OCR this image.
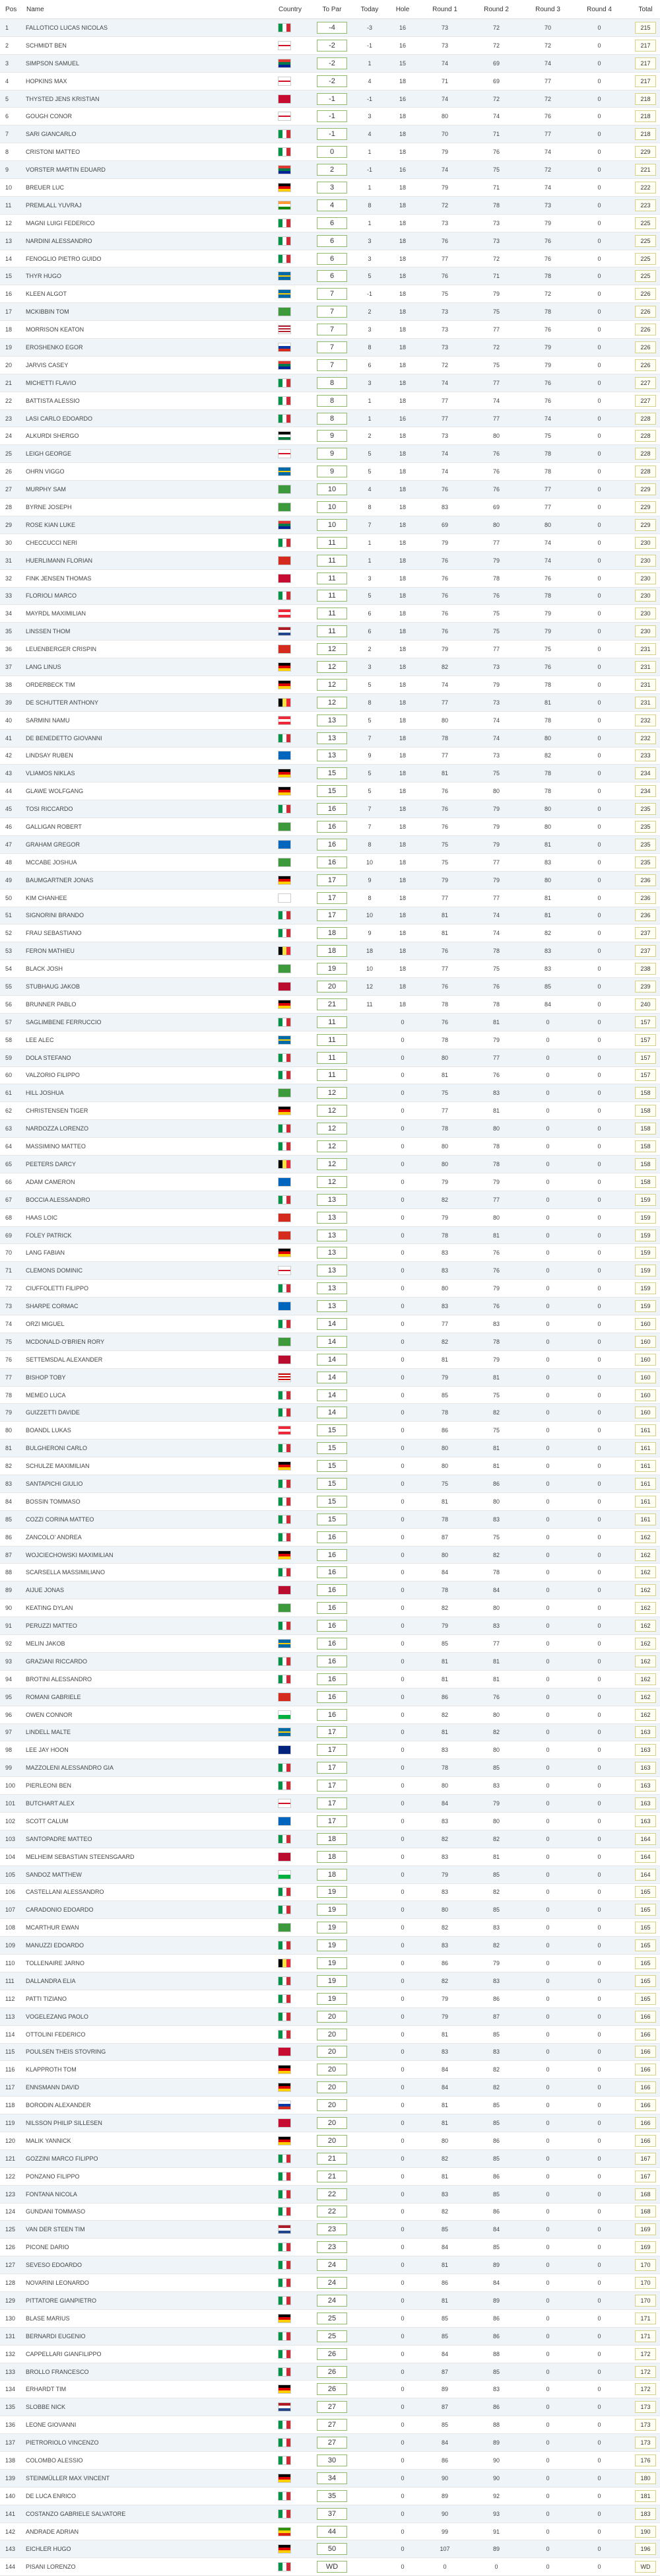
Pos	Name	Country	To Par	Today	Hole	Round 1	Round 2	Round 3	Round 4	Total
1	FALLOTICO LUCAS NICOLAS		-4	-3	16	73	72	70	0	215
2	SCHMIDT BEN		-2	-1	16	73	72	72	0	217
3	SIMPSON SAMUEL		-2	1	15	74	69	74	0	217
4	HOPKINS MAX		-2	4	18	71	69	77	0	217
5	THYSTED JENS KRISTIAN		-1	-1	16	74	72	72	0	218
6	GOUGH CONOR		-1	3	18	80	74	76	0	218
7	SARI GIANCARLO		-1	4	18	70	71	77	0	218
8	CRISTONI MATTEO		0	1	18	79	76	74	0	229
9	VORSTER MARTIN EDUARD		2	-1	16	74	75	72	0	221
10	BREUER LUC		3	1	18	79	71	74	0	222
11	PREMLALL YUVRAJ		4	8	18	72	78	73	0	223
12	MAGNI LUIGI FEDERICO		6	1	18	73	73	79	0	225
13	NARDINI ALESSANDRO		6	3	18	76	73	76	0	225
14	FENOGLIO PIETRO GUIDO		6	3	18	77	72	76	0	225
15	THYR HUGO		6	5	18	76	71	78	0	225
16	KLEEN ALGOT		7	-1	18	75	79	72	0	226
17	MCKIBBIN TOM		7	2	18	73	75	78	0	226
18	MORRISON KEATON		7	3	18	73	77	76	0	226
19	EROSHENKO EGOR		7	8	18	73	72	79	0	226
20	JARVIS CASEY		7	6	18	72	75	79	0	226
21	MICHETTI FLAVIO		8	3	18	74	77	76	0	227
22	BATTISTA ALESSIO		8	1	18	77	74	76	0	227
23	LASI CARLO EDOARDO		8	1	16	77	77	74	0	228
24	ALKURDI SHERGO		9	2	18	73	80	75	0	228
25	LEIGH GEORGE		9	5	18	74	76	78	0	228
26	OHRN VIGGO		9	5	18	74	76	78	0	228
27	MURPHY SAM		10	4	18	76	76	77	0	229
28	BYRNE JOSEPH		10	8	18	83	69	77	0	229
29	ROSE KIAN LUKE		10	7	18	69	80	80	0	229
30	CHECCUCCI NERI		11	1	18	79	77	74	0	230
31	HUERLIMANN FLORIAN		11	1	18	76	79	74	0	230
32	FINK JENSEN THOMAS		11	3	18	76	78	76	0	230
33	FLORIOLI MARCO		11	5	18	76	76	78	0	230
34	MAYRDL MAXIMILIAN		11	6	18	76	75	79	0	230
35	LINSSEN THOM		11	6	18	76	75	79	0	230
36	LEUENBERGER CRISPIN		12	2	18	79	77	75	0	231
37	LANG LINUS		12	3	18	82	73	76	0	231
38	ORDERBECK TIM		12	5	18	74	79	78	0	231
39	DE SCHUTTER ANTHONY		12	8	18	77	73	81	0	231
40	SARMINI NAMU		13	5	18	80	74	78	0	232
41	DE BENEDETTO GIOVANNI		13	7	18	78	74	80	0	232
42	LINDSAY RUBEN		13	9	18	77	73	82	0	233
43	VLIAMOS NIKLAS		15	5	18	81	75	78	0	234
44	GLAWE WOLFGANG		15	5	18	76	80	78	0	234
45	TOSI RICCARDO		16	7	18	76	79	80	0	235
46	GALLIGAN ROBERT		16	7	18	76	79	80	0	235
47	GRAHAM GREGOR		16	8	18	75	79	81	0	235
48	MCCABE JOSHUA		16	10	18	75	77	83	0	235
49	BAUMGARTNER JONAS		17	9	18	79	79	80	0	236
50	KIM CHANHEE		17	8	18	77	77	81	0	236
51	SIGNORINI BRANDO		17	10	18	81	74	81	0	236
52	FRAU SEBASTIANO		18	9	18	81	74	82	0	237
53	FERON MATHIEU		18	18	18	76	78	83	0	237
54	BLACK JOSH		19	10	18	77	75	83	0	238
55	STUBHAUG JAKOB		20	12	18	76	76	85	0	239
56	BRUNNER PABLO		21	11	18	78	78	84	0	240
57	SAGLIMBENE FERRUCCIO		11		0	76	81	0	0	157
58	LEE ALEC		11		0	78	79	0	0	157
59	DOLA STEFANO		11		0	80	77	0	0	157
60	VALZORIO FILIPPO		11		0	81	76	0	0	157
61	HILL JOSHUA		12		0	75	83	0	0	158
62	CHRISTENSEN TIGER		12		0	77	81	0	0	158
63	NARDOZZA LORENZO		12		0	78	80	0	0	158
64	MASSIMINO MATTEO		12		0	80	78	0	0	158
65	PEETERS DARCY		12		0	80	78	0	0	158
66	ADAM CAMERON		12		0	79	79	0	0	158
67	BOCCIA ALESSANDRO		13		0	82	77	0	0	159
68	HAAS LOIC		13		0	79	80	0	0	159
69	FOLEY PATRICK		13		0	78	81	0	0	159
70	LANG FABIAN		13		0	83	76	0	0	159
71	CLEMONS DOMINIC		13		0	83	76	0	0	159
72	CIUFFOLETTI FILIPPO		13		0	80	79	0	0	159
73	SHARPE CORMAC		13		0	83	76	0	0	159
74	ORZI MIGUEL		14		0	77	83	0	0	160
75	MCDONALD-O'BRIEN RORY		14		0	82	78	0	0	160
76	SETTEMSDAL ALEXANDER		14		0	81	79	0	0	160
77	BISHOP TOBY		14		0	79	81	0	0	160
78	MEMEO LUCA		14		0	85	75	0	0	160
79	GUIZZETTI DAVIDE		14		0	78	82	0	0	160
80	BOANDL LUKAS		15		0	86	75	0	0	161
81	BULGHERONI CARLO		15		0	80	81	0	0	161
82	SCHULZE MAXIMILIAN		15		0	80	81	0	0	161
83	SANTAPICHI GIULIO		15		0	75	86	0	0	161
84	BOSSIN TOMMASO		15		0	81	80	0	0	161
85	COZZI CORINA MATTEO		15		0	78	83	0	0	161
86	ZANCOLO' ANDREA		16		0	87	75	0	0	162
87	WOJCIECHOWSKI MAXIMILIAN		16		0	80	82	0	0	162
88	SCARSELLA MASSIMILIANO		16		0	84	78	0	0	162
89	AIJUE JONAS		16		0	78	84	0	0	162
90	KEATING DYLAN		16		0	82	80	0	0	162
91	PERUZZI MATTEO		16		0	79	83	0	0	162
92	MELIN JAKOB		16		0	85	77	0	0	162
93	GRAZIANI RICCARDO		16		0	81	81	0	0	162
94	BROTINI ALESSANDRO		16		0	81	81	0	0	162
95	ROMANI GABRIELE		16		0	86	76	0	0	162
96	OWEN CONNOR		16		0	82	80	0	0	162
97	LINDELL MALTE		17		0	81	82	0	0	163
98	LEE JAY HOON		17		0	83	80	0	0	163
99	MAZZOLENI ALESSANDRO GIA		17		0	78	85	0	0	163
100	PIERLEONI BEN		17		0	80	83	0	0	163
101	BUTCHART ALEX		17		0	84	79	0	0	163
102	SCOTT CALUM		17		0	83	80	0	0	163
103	SANTOPADRE MATTEO		18		0	82	82	0	0	164
104	MELHEIM SEBASTIAN STEENSGAARD		18		0	83	81	0	0	164
105	SANDOZ MATTHEW		18		0	79	85	0	0	164
106	CASTELLANI ALESSANDRO		19		0	83	82	0	0	165
107	CARADONIO EDOARDO		19		0	80	85	0	0	165
108	MCARTHUR EWAN		19		0	82	83	0	0	165
109	MANUZZI EDOARDO		19		0	83	82	0	0	165
110	TOLLENAIRE JARNO		19		0	86	79	0	0	165
111	DALLANDRA ELIA		19		0	82	83	0	0	165
112	PATTI TIZIANO		19		0	79	86	0	0	165
113	VOGELEZANG PAOLO		20		0	79	87	0	0	166
114	OTTOLINI FEDERICO		20		0	81	85	0	0	166
115	POULSEN THEIS STOVRING		20		0	83	83	0	0	166
116	KLAPPROTH TOM		20		0	84	82	0	0	166
117	ENNSMANN DAVID		20		0	84	82	0	0	166
118	BORODIN ALEXANDER		20		0	81	85	0	0	166
119	NILSSON PHILIP SILLESEN		20		0	81	85	0	0	166
120	MALIK YANNICK		20		0	80	86	0	0	166
121	GOZZINI MARCO FILIPPO		21		0	82	85	0	0	167
122	PONZANO FILIPPO		21		0	81	86	0	0	167
123	FONTANA NICOLA		22		0	83	85	0	0	168
124	GUNDANI TOMMASO		22		0	82	86	0	0	168
125	VAN DER STEEN TIM		23		0	85	84	0	0	169
126	PICONE DARIO		23		0	84	85	0	0	169
127	SEVESO EDOARDO		24		0	81	89	0	0	170
128	NOVARINI LEONARDO		24		0	86	84	0	0	170
129	PITTATORE GIANPIETRO		24		0	81	89	0	0	170
130	BLASE MARIUS		25		0	85	86	0	0	171
131	BERNARDI EUGENIO		25		0	85	86	0	0	171
132	CAPPELLARI GIANFILIPPO		26		0	84	88	0	0	172
133	BROLLO FRANCESCO		26		0	87	85	0	0	172
134	ERHARDT TIM		26		0	89	83	0	0	172
135	SLOBBE NICK		27		0	87	86	0	0	173
136	LEONE GIOVANNI		27		0	85	88	0	0	173
137	PIETRORIOLO VINCENZO		27		0	84	89	0	0	173
138	COLOMBO ALESSIO		30		0	86	90	0	0	176
139	STEINMÜLLER MAX VINCENT		34		0	90	90	0	0	180
140	DE LUCA ENRICO		35		0	89	92	0	0	181
141	COSTANZO GABRIELE SALVATORE		37		0	90	93	0	0	183
142	ANDRADE ADRIAN		44		0	99	91	0	0	190
143	EICHLER HUGO		50		0	107	89	0	0	196
144	PISANI LORENZO		WD		0	0	0	0	0	WD
